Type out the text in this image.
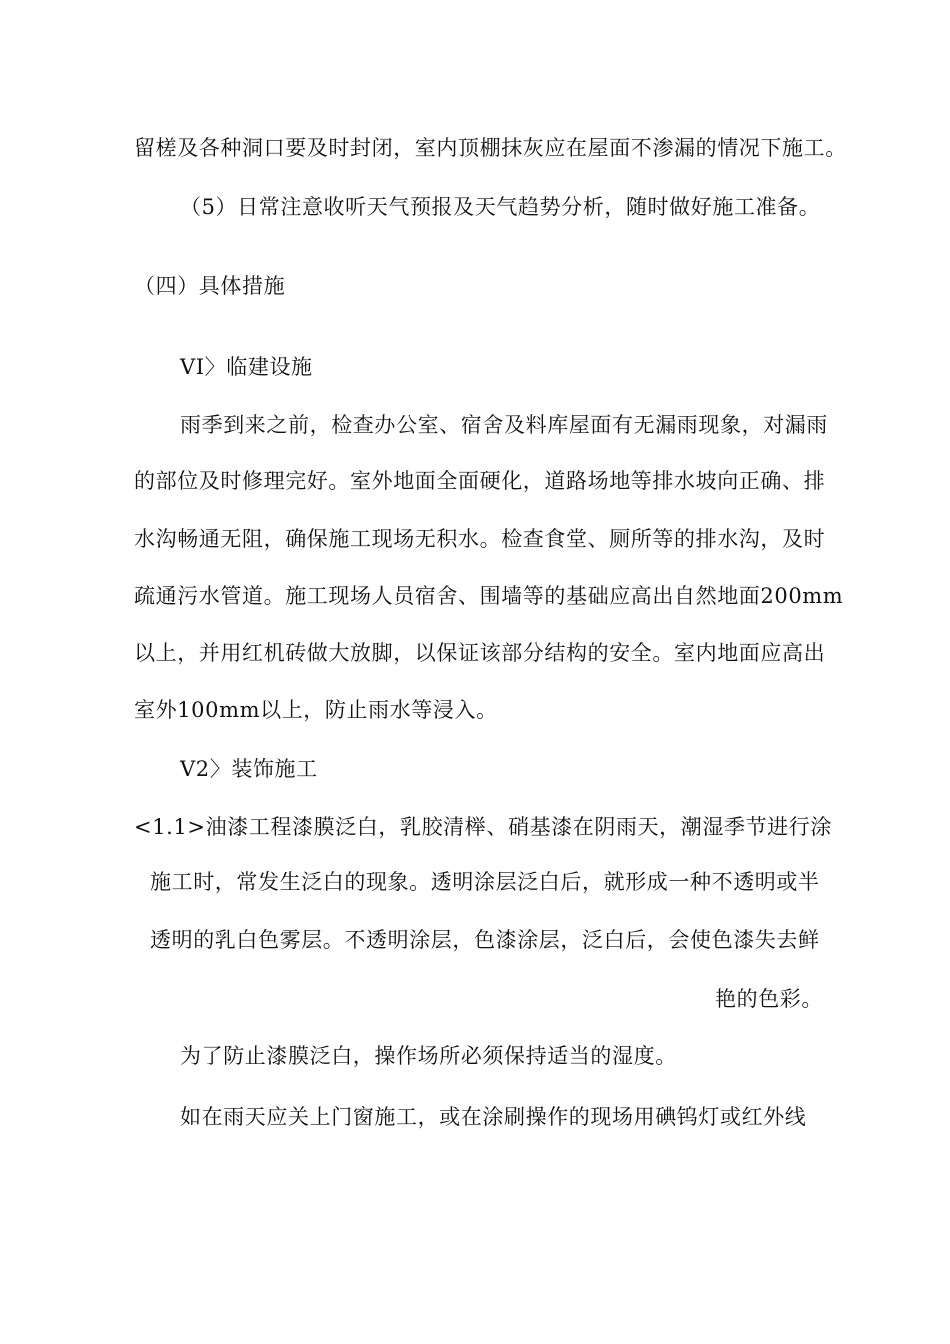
留槎及各种洞口要及时封闭，室内顶棚抹灰应在屋面不渗漏的情况下施工。
（5）日常注意收听天气预报及天气趋势分析，随时做好施工准备。
（四）具体措施
VI〉临建设施
雨季到来之前，检查办公室、宿舍及料库屋面有无漏雨现象，对漏雨
的部位及时修理完好。室外地面全面硬化，道路场地等排水坡向正确、排
水沟畅通无阻，确保施工现场无积水。检查食堂、厕所等的排水沟，及时
疏通污水管道。施工现场人员宿舍、围墙等的基础应高出自然地面200mm
以上，并用红机砖做大放脚，以保证该部分结构的安全。室内地面应高出
室外100mm以上，防止雨水等浸入。
V2〉装饰施工
<1.1>油漆工程漆膜泛白，乳胶清榉、硝基漆在阴雨天，潮湿季节进行涂
施工时，常发生泛白的现象。透明涂层泛白后，就形成一种不透明或半
透明的乳白色雾层。不透明涂层，色漆涂层，泛白后，会使色漆失去鲜
艳的色彩。
为了防止漆膜泛白，操作场所必须保持适当的湿度。
如在雨天应关上门窗施工，或在涂刷操作的现场用碘钨灯或红外线
